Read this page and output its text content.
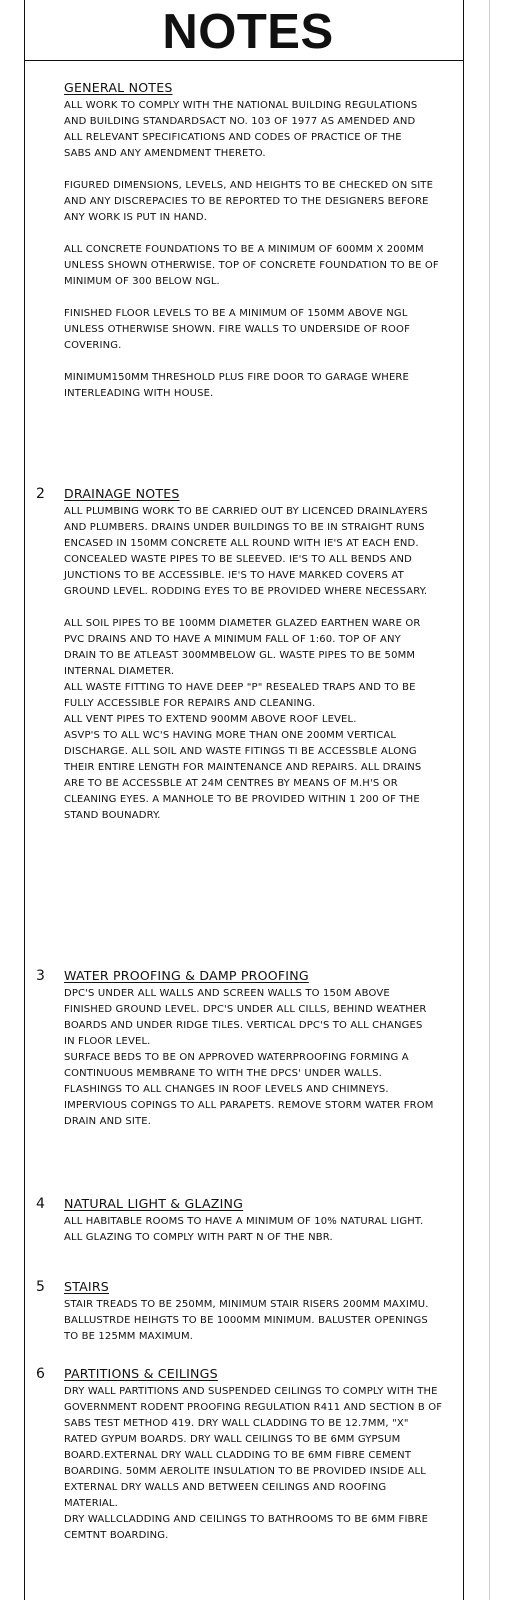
NOTES
GENERAL NOTES
ALL WORK TO COMPLY WITH THE NATIONAL BUILDING REGULATIONS
AND BUILDING STANDARDSACT NO. 103 OF 1977 AS AMENDED AND
ALL RELEVANT SPECIFICATIONS AND CODES OF PRACTICE OF THE
SABS AND ANY AMENDMENT THERETO.
FIGURED DIMENSIONS, LEVELS, AND HEIGHTS TO BE CHECKED ON SITE
AND ANY DISCREPACIES TO BE REPORTED TO THE DESIGNERS BEFORE
ANY WORK IS PUT IN HAND.
ALL CONCRETE FOUNDATIONS TO BE A MINIMUM OF 600MM X 200MM
UNLESS SHOWN OTHERWISE. TOP OF CONCRETE FOUNDATION TO BE OF
MINIMUM OF 300 BELOW NGL.
FINISHED FLOOR LEVELS TO BE A MINIMUM OF 150MM ABOVE NGL
UNLESS OTHERWISE SHOWN. FIRE WALLS TO UNDERSIDE OF ROOF
COVERING.
MINIMUM150MM THRESHOLD PLUS FIRE DOOR TO GARAGE WHERE
INTERLEADING WITH HOUSE.
2 DRAINAGE NOTES
ALL PLUMBING WORK TO BE CARRIED OUT BY LICENCED DRAINLAYERS
AND PLUMBERS. DRAINS UNDER BUILDINGS TO BE IN STRAIGHT RUNS
ENCASED IN 150MM CONCRETE ALL ROUND WITH IE'S AT EACH END.
CONCEALED WASTE PIPES TO BE SLEEVED. IE'S TO ALL BENDS AND
JUNCTIONS TO BE ACCESSIBLE. IE'S TO HAVE MARKED COVERS AT
GROUND LEVEL. RODDING EYES TO BE PROVIDED WHERE NECESSARY.
ALL SOIL PIPES TO BE 100MM DIAMETER GLAZED EARTHEN WARE OR
PVC DRAINS AND TO HAVE A MINIMUM FALL OF 1:60. TOP OF ANY
DRAIN TO BE ATLEAST 300MMBELOW GL. WASTE PIPES TO BE 50MM
INTERNAL DIAMETER.
ALL WASTE FITTING TO HAVE DEEP "P" RESEALED TRAPS AND TO BE
FULLY ACCESSIBLE FOR REPAIRS AND CLEANING.
ALL VENT PIPES TO EXTEND 900MM ABOVE ROOF LEVEL.
ASVP'S TO ALL WC'S HAVING MORE THAN ONE 200MM VERTICAL
DISCHARGE. ALL SOIL AND WASTE FITINGS TI BE ACCESSBLE ALONG
THEIR ENTIRE LENGTH FOR MAINTENANCE AND REPAIRS. ALL DRAINS
ARE TO BE ACCESSBLE AT 24M CENTRES BY MEANS OF M.H'S OR
CLEANING EYES. A MANHOLE TO BE PROVIDED WITHIN 1 200 OF THE
STAND BOUNADRY.
3 WATER PROOFING & DAMP PROOFING
DPC'S UNDER ALL WALLS AND SCREEN WALLS TO 150M ABOVE
FINISHED GROUND LEVEL. DPC'S UNDER ALL CILLS, BEHIND WEATHER
BOARDS AND UNDER RIDGE TILES. VERTICAL DPC'S TO ALL CHANGES
IN FLOOR LEVEL.
SURFACE BEDS TO BE ON APPROVED WATERPROOFING FORMING A
CONTINUOUS MEMBRANE TO WITH THE DPCS' UNDER WALLS.
FLASHINGS TO ALL CHANGES IN ROOF LEVELS AND CHIMNEYS.
IMPERVIOUS COPINGS TO ALL PARAPETS. REMOVE STORM WATER FROM
DRAIN AND SITE.
4 NATURAL LIGHT & GLAZING
ALL HABITABLE ROOMS TO HAVE A MINIMUM OF 10% NATURAL LIGHT.
ALL GLAZING TO COMPLY WITH PART N OF THE NBR.
5 STAIRS
STAIR TREADS TO BE 250MM, MINIMUM STAIR RISERS 200MM MAXIMU.
BALLUSTRDE HEIHGTS TO BE 1000MM MINIMUM. BALUSTER OPENINGS
TO BE 125MM MAXIMUM.
6 PARTITIONS & CEILINGS
DRY WALL PARTITIONS AND SUSPENDED CEILINGS TO COMPLY WITH THE
GOVERNMENT RODENT PROOFING REGULATION R411 AND SECTION B OF
SABS TEST METHOD 419. DRY WALL CLADDING TO BE 12.7MM, "X"
RATED GYPUM BOARDS. DRY WALL CEILINGS TO BE 6MM GYPSUM
BOARD.EXTERNAL DRY WALL CLADDING TO BE 6MM FIBRE CEMENT
BOARDING. 50MM AEROLITE INSULATION TO BE PROVIDED INSIDE ALL
EXTERNAL DRY WALLS AND BETWEEN CEILINGS AND ROOFING
MATERIAL.
DRY WALLCLADDING AND CEILINGS TO BATHROOMS TO BE 6MM FIBRE
CEMTNT BOARDING.
